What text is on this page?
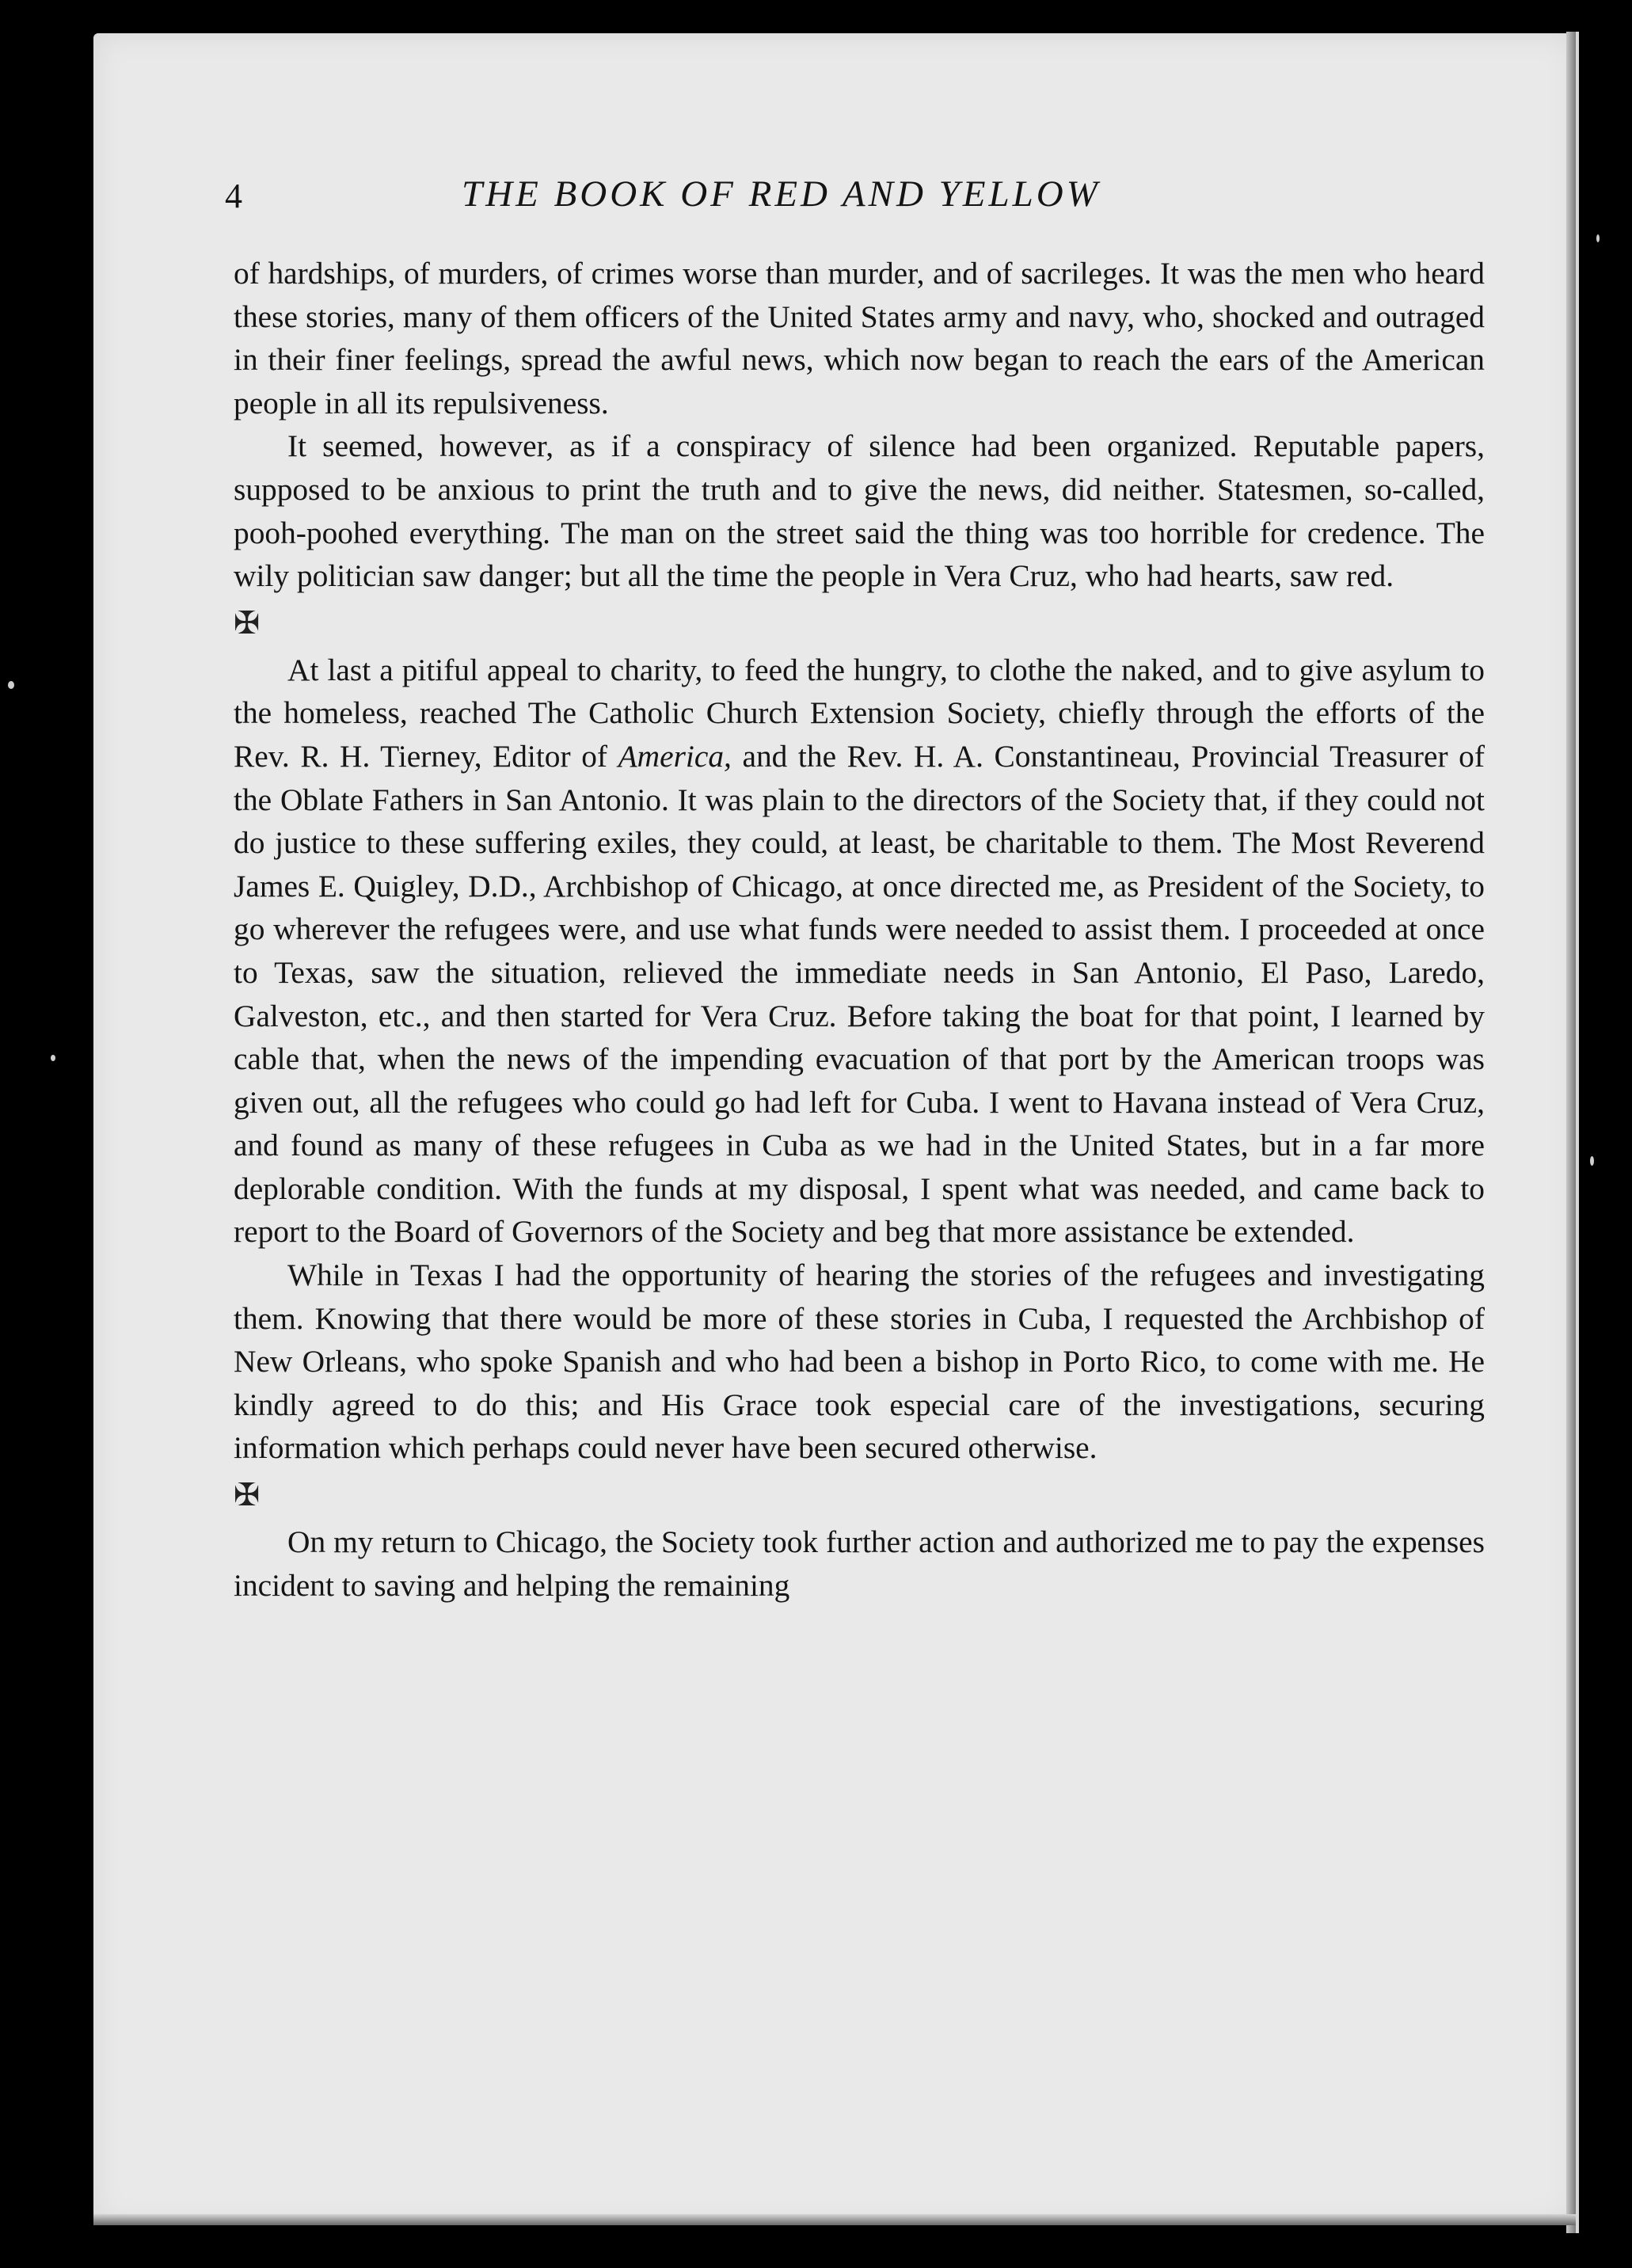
4	THE BOOK OF RED AND YELLOW

of hardships, of murders, of crimes worse than murder, and of sacrileges. It was the men who heard these stories, many of them officers of the United States army and navy, who, shocked and outraged in their finer feelings, spread the awful news, which now began to reach the ears of the American people in all its repulsiveness.

It seemed, however, as if a conspiracy of silence had been organized. Reputable papers, supposed to be anxious to print the truth and to give the news, did neither. Statesmen, so-called, pooh-poohed everything. The man on the street said the thing was too horrible for credence. The wily politician saw danger; but all the time the people in Vera Cruz, who had hearts, saw red.

✠

At last a pitiful appeal to charity, to feed the hungry, to clothe the naked, and to give asylum to the homeless, reached The Catholic Church Extension Society, chiefly through the efforts of the Rev. R. H. Tierney, Editor of America, and the Rev. H. A. Constantineau, Provincial Treasurer of the Oblate Fathers in San Antonio. It was plain to the directors of the Society that, if they could not do justice to these suffering exiles, they could, at least, be charitable to them. The Most Reverend James E. Quigley, D.D., Archbishop of Chicago, at once directed me, as President of the Society, to go wherever the refugees were, and use what funds were needed to assist them. I proceeded at once to Texas, saw the situation, relieved the immediate needs in San Antonio, El Paso, Laredo, Galveston, etc., and then started for Vera Cruz. Before taking the boat for that point, I learned by cable that, when the news of the impending evacuation of that port by the American troops was given out, all the refugees who could go had left for Cuba. I went to Havana instead of Vera Cruz, and found as many of these refugees in Cuba as we had in the United States, but in a far more deplorable condition. With the funds at my disposal, I spent what was needed, and came back to report to the Board of Governors of the Society and beg that more assistance be extended.

While in Texas I had the opportunity of hearing the stories of the refugees and investigating them. Knowing that there would be more of these stories in Cuba, I requested the Archbishop of New Orleans, who spoke Spanish and who had been a bishop in Porto Rico, to come with me. He kindly agreed to do this; and His Grace took especial care of the investigations, securing information which perhaps could never have been secured otherwise.

✠

On my return to Chicago, the Society took further action and authorized me to pay the expenses incident to saving and helping the remaining
